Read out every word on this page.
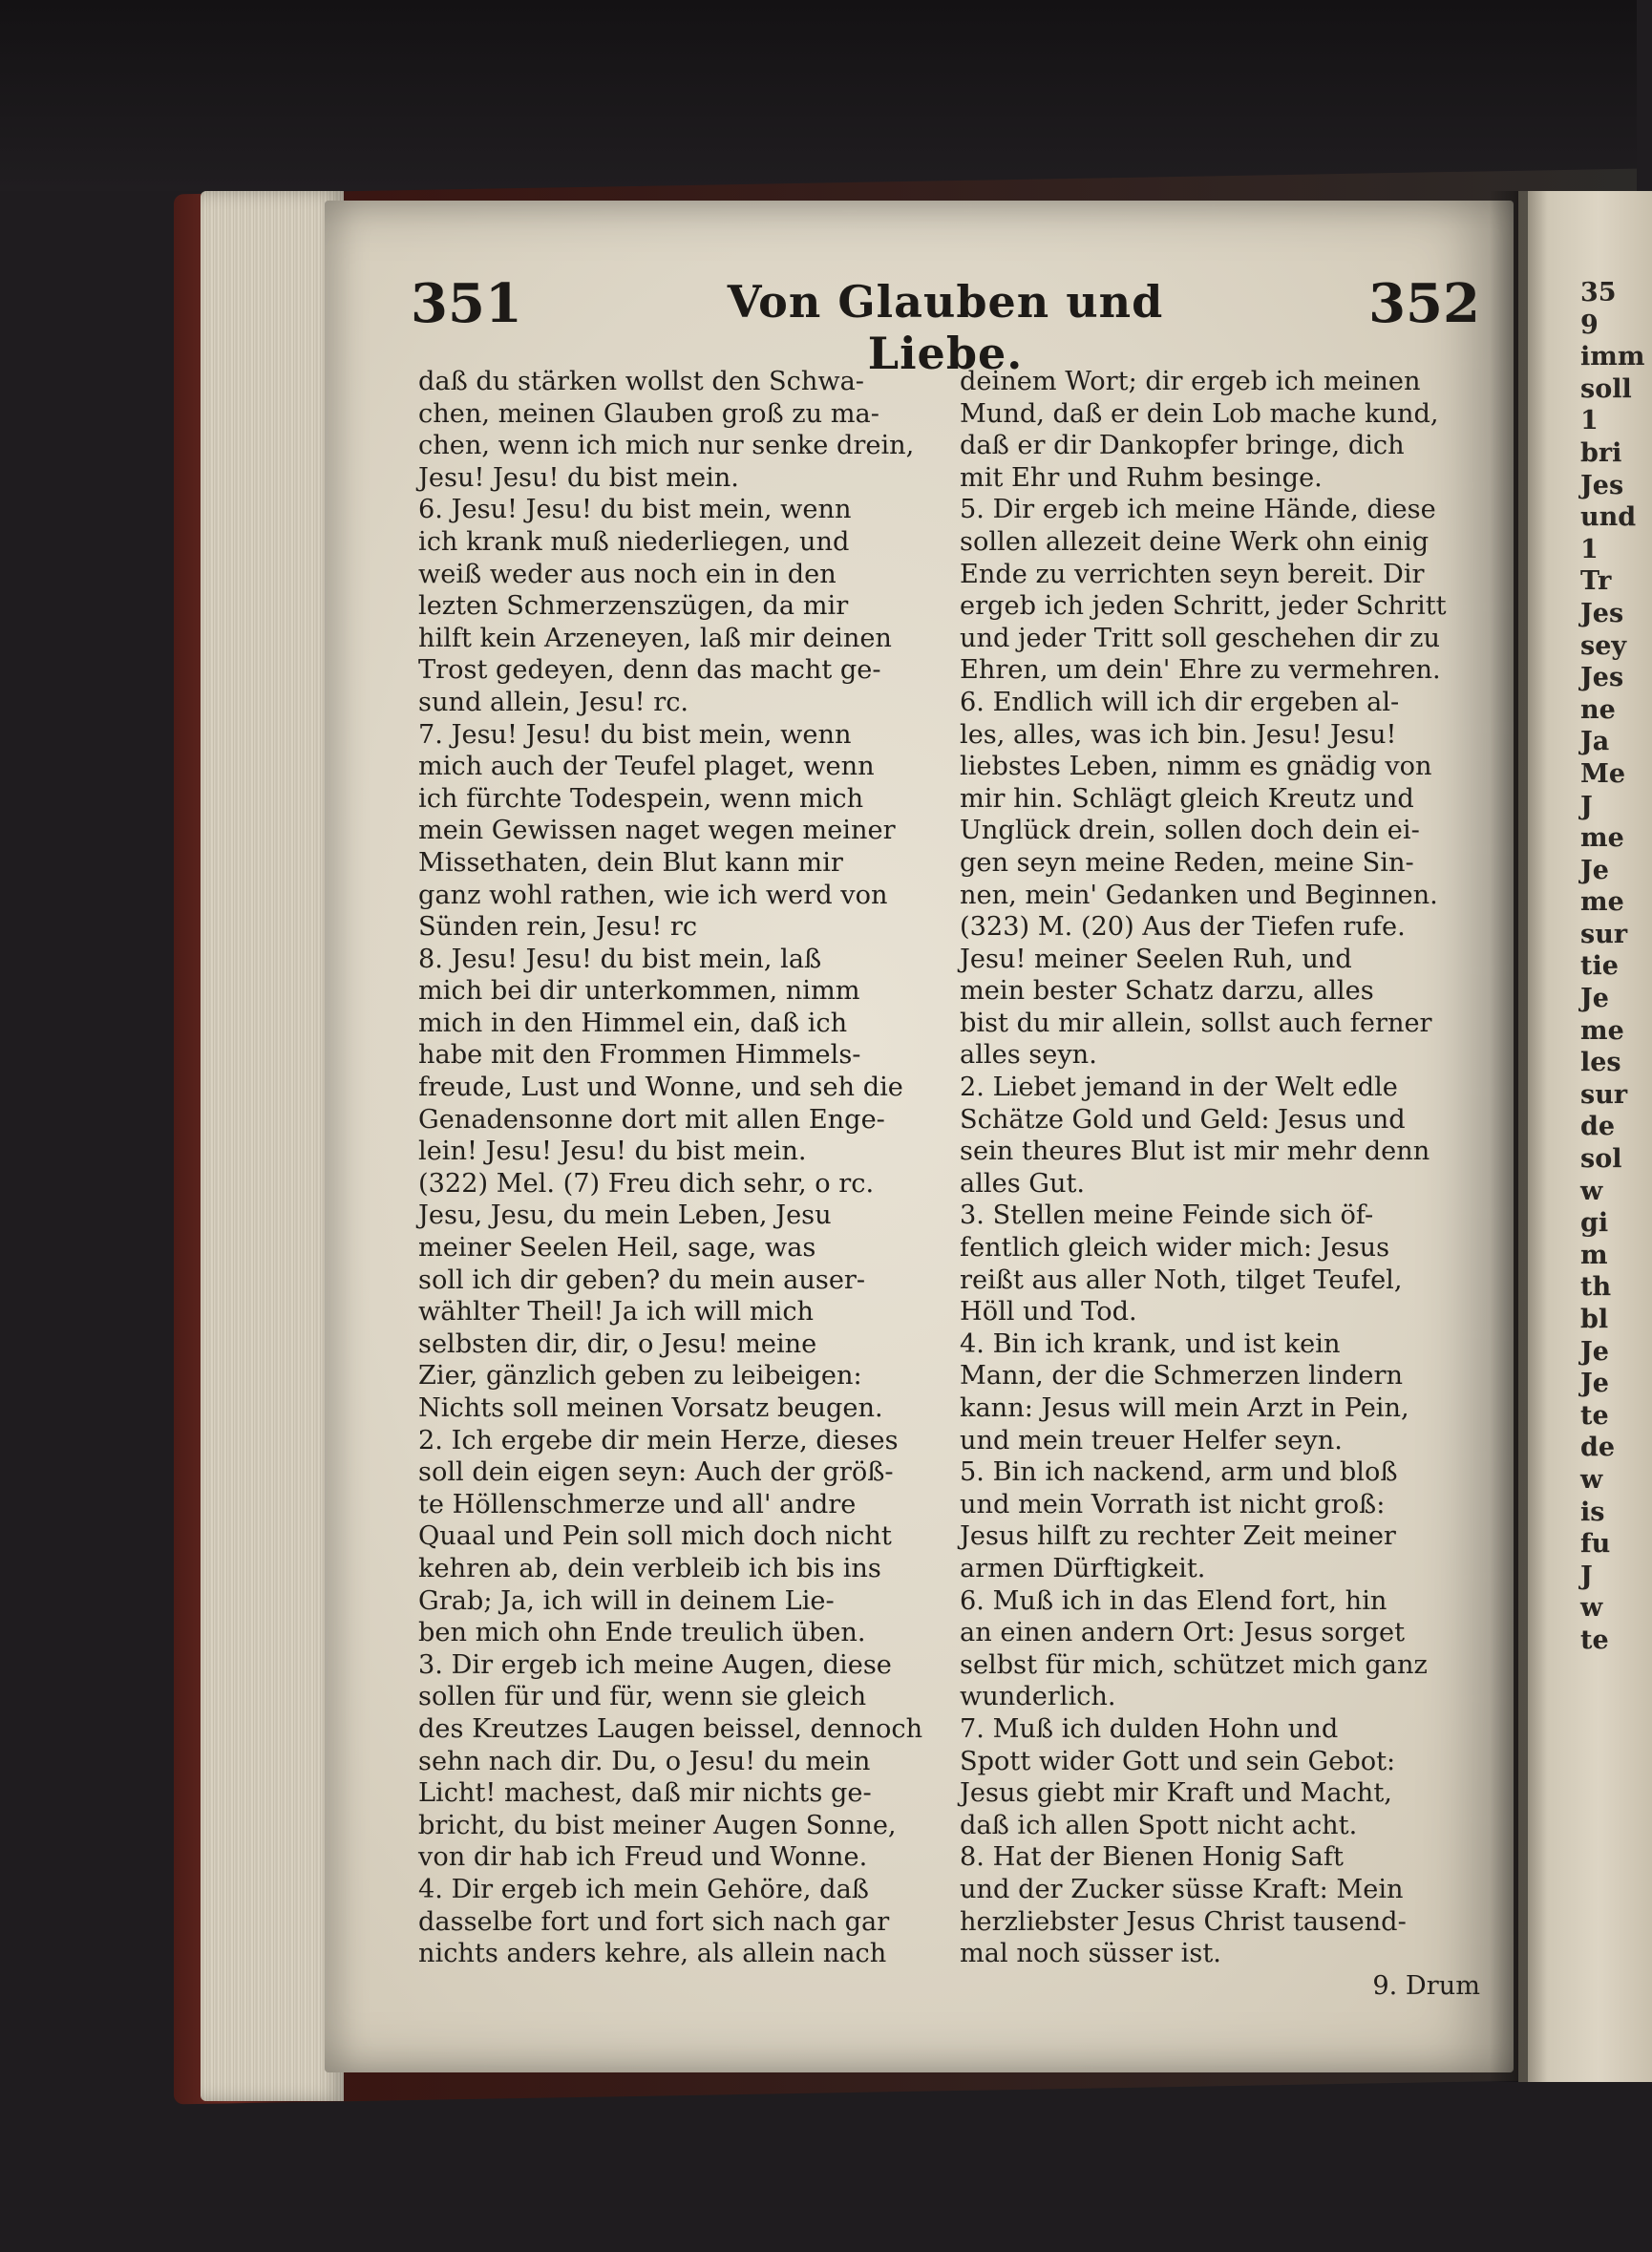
351	Von Glauben und Liebe.
352
daß du stärken wollst den Schwa-
chen, meinen Glauben groß zu ma-
chen, wenn ich mich nur senke drein,
Jesu! Jesu! du bist mein.
6. Jesu! Jesu! du bist mein, wenn
ich krank muß niederliegen, und
weiß weder aus noch ein in den
lezten Schmerzenszügen, da mir
hilft kein Arzeneyen, laß mir deinen
Trost gedeyen, denn das macht ge-
sund allein, Jesu! rc.
7. Jesu! Jesu! du bist mein, wenn
mich auch der Teufel plaget, wenn
ich fürchte Todespein, wenn mich
mein Gewissen naget wegen meiner
Missethaten, dein Blut kann mir
ganz wohl rathen, wie ich werd von
Sünden rein, Jesu! rc
8. Jesu! Jesu! du bist mein, laß
mich bei dir unterkommen, nimm
mich in den Himmel ein, daß ich
habe mit den Frommen Himmels-
freude, Lust und Wonne, und seh die
Genadensonne dort mit allen Enge-
lein! Jesu! Jesu! du bist mein.
(322) Mel. (7) Freu dich sehr, o rc.
Jesu, Jesu, du mein Leben, Jesu
meiner Seelen Heil, sage, was
soll ich dir geben? du mein auser-
wählter Theil! Ja ich will mich
selbsten dir, dir, o Jesu! meine
Zier, gänzlich geben zu leibeigen:
Nichts soll meinen Vorsatz beugen.
2. Ich ergebe dir mein Herze, dieses
soll dein eigen seyn: Auch der größ-
te Höllenschmerze und all' andre
Quaal und Pein soll mich doch nicht
kehren ab, dein verbleib ich bis ins
Grab; Ja, ich will in deinem Lie-
ben mich ohn Ende treulich üben.
3. Dir ergeb ich meine Augen, diese
sollen für und für, wenn sie gleich
des Kreutzes Laugen beissel, dennoch
sehn nach dir. Du, o Jesu! du mein
Licht! machest, daß mir nichts ge-
bricht, du bist meiner Augen Sonne,
von dir hab ich Freud und Wonne.
4. Dir ergeb ich mein Gehöre, daß
dasselbe fort und fort sich nach gar
nichts anders kehre, als allein nach
deinem Wort; dir ergeb ich meinen
Mund, daß er dein Lob mache kund,
daß er dir Dankopfer bringe, dich
mit Ehr und Ruhm besinge.
5. Dir ergeb ich meine Hände, diese
sollen allezeit deine Werk ohn einig
Ende zu verrichten seyn bereit. Dir
ergeb ich jeden Schritt, jeder Schritt
und jeder Tritt soll geschehen dir zu
Ehren, um dein' Ehre zu vermehren.
6. Endlich will ich dir ergeben al-
les, alles, was ich bin. Jesu! Jesu!
liebstes Leben, nimm es gnädig von
mir hin. Schlägt gleich Kreutz und
Unglück drein, sollen doch dein ei-
gen seyn meine Reden, meine Sin-
nen, mein' Gedanken und Beginnen.
(323) M. (20) Aus der Tiefen rufe.
Jesu! meiner Seelen Ruh, und
mein bester Schatz darzu, alles
bist du mir allein, sollst auch ferner
alles seyn.
2. Liebet jemand in der Welt edle
Schätze Gold und Geld: Jesus und
sein theures Blut ist mir mehr denn
alles Gut.
3. Stellen meine Feinde sich öf-
fentlich gleich wider mich: Jesus
reißt aus aller Noth, tilget Teufel,
Höll und Tod.
4. Bin ich krank, und ist kein
Mann, der die Schmerzen lindern
kann: Jesus will mein Arzt in Pein,
und mein treuer Helfer seyn.
5. Bin ich nackend, arm und bloß
und mein Vorrath ist nicht groß:
Jesus hilft zu rechter Zeit meiner
armen Dürftigkeit.
6. Muß ich in das Elend fort, hin
an einen andern Ort: Jesus sorget
selbst für mich, schützet mich ganz
wunderlich.
7. Muß ich dulden Hohn und
Spott wider Gott und sein Gebot:
Jesus giebt mir Kraft und Macht,
daß ich allen Spott nicht acht.
8. Hat der Bienen Honig Saft
und der Zucker süsse Kraft: Mein
herzliebster Jesus Christ tausend-
mal noch süsser ist.
9. Drum
35
9
imm
soll
1
bri
Jes
und
1
Tr
Jes
sey
Jes
ne
Ja
Me
J
me
Je
me
sur
tie
Je
me
les
sur
de
sol
w
gi
m
th
bl
Je
Je
te
de
w
is
fu
J
w
te
